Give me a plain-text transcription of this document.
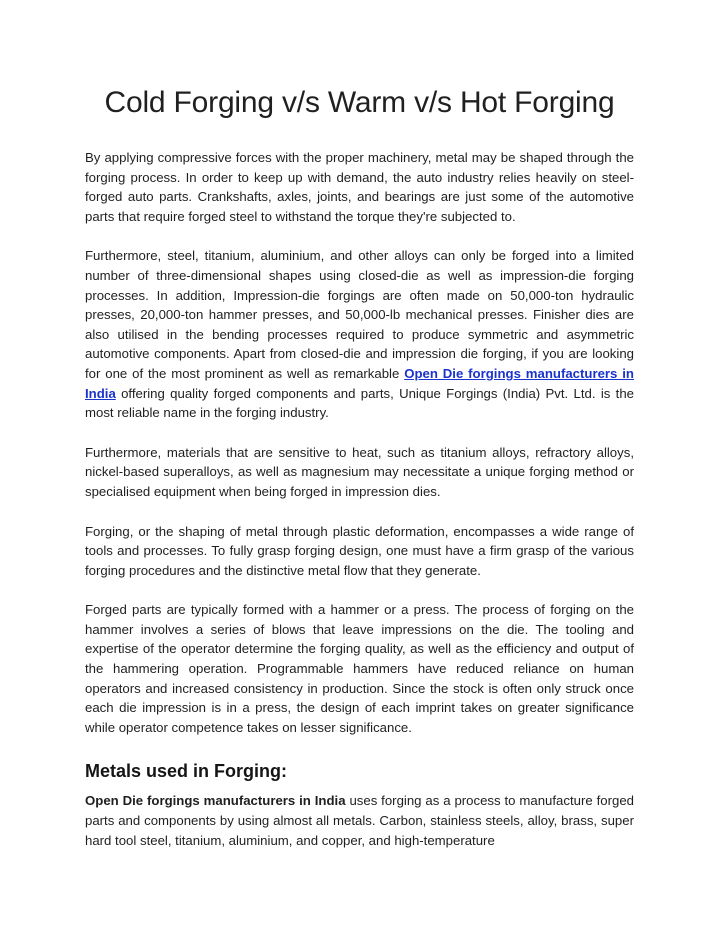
Cold Forging v/s Warm v/s Hot Forging

By applying compressive forces with the proper machinery, metal may be shaped through the forging process. In order to keep up with demand, the auto industry relies heavily on steel-forged auto parts. Crankshafts, axles, joints, and bearings are just some of the automotive parts that require forged steel to withstand the torque they're subjected to.

Furthermore, steel, titanium, aluminium, and other alloys can only be forged into a limited number of three-dimensional shapes using closed-die as well as impression-die forging processes. In addition, Impression-die forgings are often made on 50,000-ton hydraulic presses, 20,000-ton hammer presses, and 50,000-lb mechanical presses. Finisher dies are also utilised in the bending processes required to produce symmetric and asymmetric automotive components. Apart from closed-die and impression die forging, if you are looking for one of the most prominent as well as remarkable Open Die forgings manufacturers in India offering quality forged components and parts, Unique Forgings (India) Pvt. Ltd. is the most reliable name in the forging industry.

Furthermore, materials that are sensitive to heat, such as titanium alloys, refractory alloys, nickel-based superalloys, as well as magnesium may necessitate a unique forging method or specialised equipment when being forged in impression dies.

Forging, or the shaping of metal through plastic deformation, encompasses a wide range of tools and processes. To fully grasp forging design, one must have a firm grasp of the various forging procedures and the distinctive metal flow that they generate.

Forged parts are typically formed with a hammer or a press. The process of forging on the hammer involves a series of blows that leave impressions on the die. The tooling and expertise of the operator determine the forging quality, as well as the efficiency and output of the hammering operation. Programmable hammers have reduced reliance on human operators and increased consistency in production. Since the stock is often only struck once each die impression is in a press, the design of each imprint takes on greater significance while operator competence takes on lesser significance.

Metals used in Forging:

Open Die forgings manufacturers in India uses forging as a process to manufacture forged parts and components by using almost all metals. Carbon, stainless steels, alloy, brass, super hard tool steel, titanium, aluminium, and copper, and high-temperature
